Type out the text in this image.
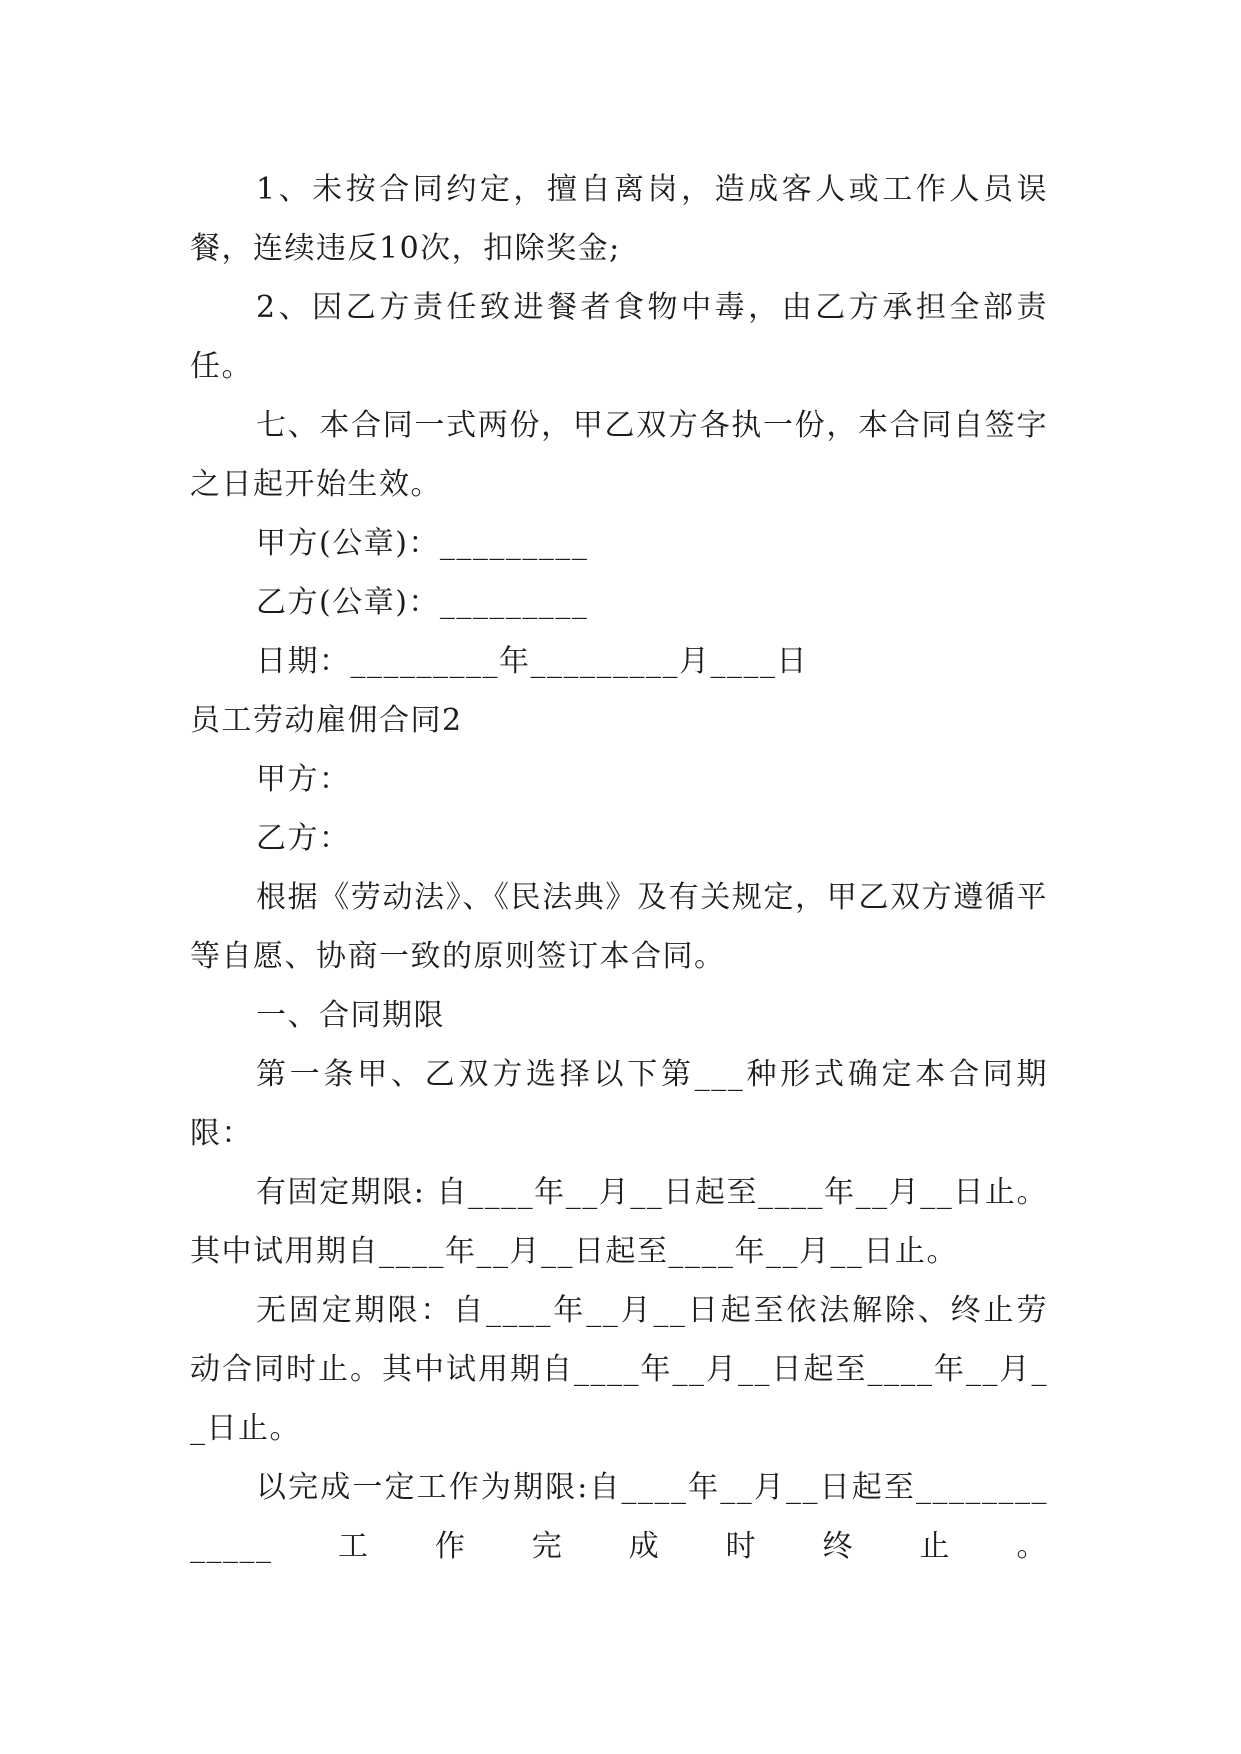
1、未按合同约定，擅自离岗，造成客人或工作人员误餐，连续违反10次，扣除奖金;

2、因乙方责任致进餐者食物中毒，由乙方承担全部责任。

七、本合同一式两份，甲乙双方各执一份，本合同自签字之日起开始生效。

甲方(公章)：_________

乙方(公章)：_________

日期：_________年_________月____日

员工劳动雇佣合同2

甲方：

乙方：

根据《劳动法》、《民法典》及有关规定，甲乙双方遵循平等自愿、协商一致的原则签订本合同。

一、合同期限

第一条甲、乙双方选择以下第___种形式确定本合同期限：

有固定期限: 自____年__月__日起至____年__月__日止。其中试用期自____年__月__日起至____年__月__日止。

无固定期限：自____年__月__日起至依法解除、终止劳动合同时止。其中试用期自____年__月__日起至____年__月__日止。

以完成一定工作为期限:自____年__月__日起至_____________工作完成时终止。
